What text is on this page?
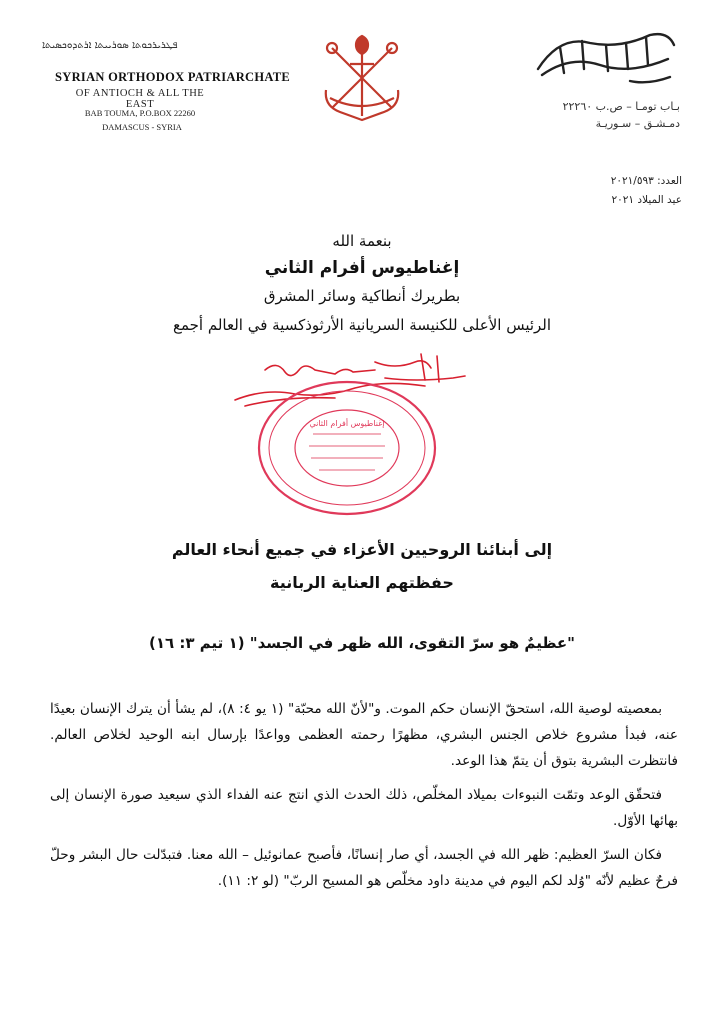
ܦܛܪܝܪܟܘܬܐ ܣܘܪܝܝܬܐ ܐܪܬܕܘܟܣܝܬܐ
SYRIAN ORTHODOX PATRIARCHATE
OF ANTIOCH & ALL THE EAST
BAB TOUMA, P.O.BOX 22260
DAMASCUS - SYRIA
بـاب تومـا – ص.ب ٢٢٢٦٠
دمـشـق – سـوريـة
العدد: ٢٠٢١/٥٩٣
عيد الميلاد ٢٠٢١
بنعمة الله
إغناطيوس أفرام الثاني
بطريرك أنطاكية وسائر المشرق
الرئيس الأعلى للكنيسة السريانية الأرثوذكسية في العالم أجمع
إغناطيوس أفرام الثاني
إلى أبنائنا الروحيين الأعزاء في جميع أنحاء العالم
حفظتهم العناية الربانية
"عظيمٌ هو سرّ التقوى، الله ظهر في الجسد" (١ تيم ٣: ١٦)

بمعصيته لوصية الله، استحقّ الإنسان حكم الموت. و"لأنّ الله محبّة" (١ يو ٤: ٨)، لم يشأ أن يترك الإنسان بعيدًا عنه، فبدأ مشروع خلاص الجنس البشري، مظهرًا رحمته العظمى وواعدًا بإرسال ابنه الوحيد لخلاص العالم. فانتظرت البشرية بتوق أن يتمّ هذا الوعد.

فتحقّق الوعد وتمّت النبوءات بميلاد المخلّص، ذلك الحدث الذي انتج عنه الفداء الذي سيعيد صورة الإنسان إلى بهائها الأوّل.

فكان السرّ العظيم: ظهر الله في الجسد، أي صار إنسانًا، فأصبح عمانوئيل – الله معنا. فتبدّلت حال البشر وحلّ فرحٌ عظيم لأنّه "وُلد لكم اليوم في مدينة داود مخلّص هو المسيح الربّ" (لو ٢: ١١).
